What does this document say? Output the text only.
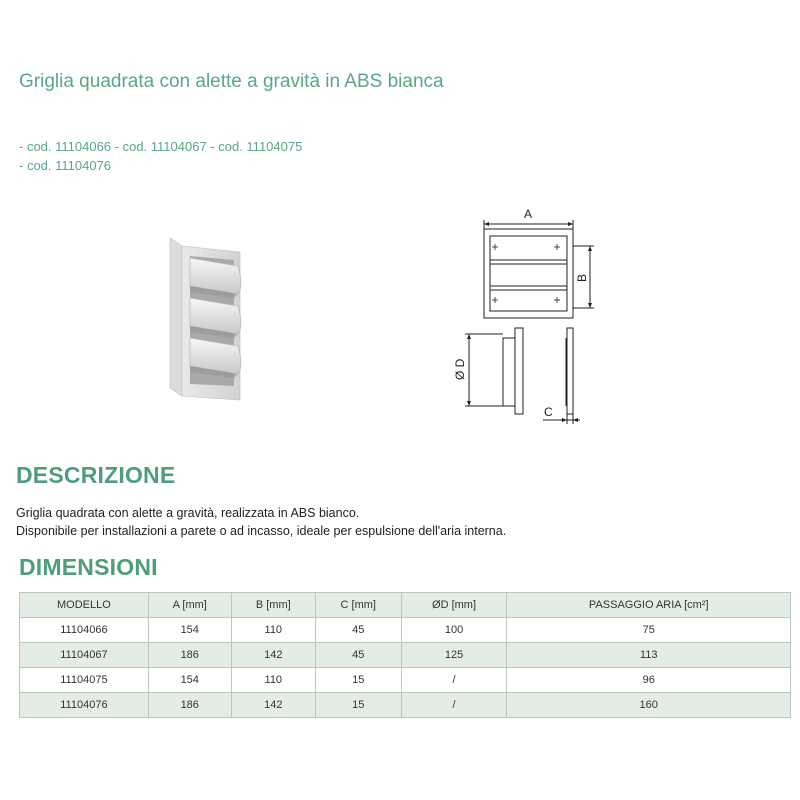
Griglia quadrata con alette a gravità in ABS bianca
- cod. 11104066 - cod. 11104067 - cod. 11104075
- cod. 11104076
A
B
Ø D
C
DESCRIZIONE
Griglia quadrata con alette a gravità, realizzata in ABS bianco.
Disponibile per installazioni a parete o ad incasso, ideale per espulsione dell'aria interna.
DIMENSIONI
MODELLO	A [mm]	B [mm]	C [mm]	ØD [mm]	PASSAGGIO ARIA [cm²]
11104066	154	110	45	100	75
11104067	186	142	45	125	113
11104075	154	110	15	/	96
11104076	186	142	15	/	160
